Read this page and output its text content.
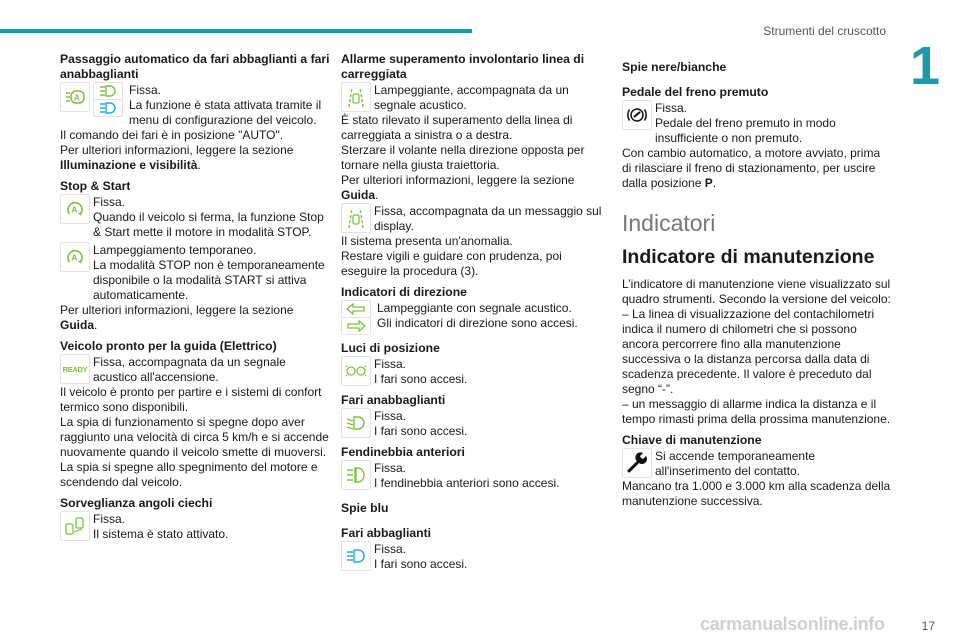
Strumenti del cruscotto
1
Passaggio automatico da fari abbaglianti a fari anabbaglianti
A

Fissa.

La funzione è stata attivata tramite il menu di configurazione del veicolo.

Il comando dei fari è in posizione "AUTO".

Per ulteriori informazioni, leggere la sezione Illuminazione e visibilità.

Stop & Start
A

Fissa.

Quando il veicolo si ferma, la funzione Stop & Start mette il motore in modalità STOP.

A

Lampeggiamento temporaneo.

La modalità STOP non è temporaneamente disponibile o la modalità START si attiva automaticamente.

Per ulteriori informazioni, leggere la sezione Guida.

Veicolo pronto per la guida (Elettrico)
READY Fissa, accompagnata da un segnale acustico all'accensione.

Il veicolo è pronto per partire e i sistemi di confort termico sono disponibili.

La spia di funzionamento si spegne dopo aver raggiunto una velocità di circa 5 km/h e si accende nuovamente quando il veicolo smette di muoversi.

La spia si spegne allo spegnimento del motore e scendendo dal veicolo.

Sorveglianza angoli ciechi

Fissa.

Il sistema è stato attivato.

Allarme superamento involontario linea di carreggiata

Lampeggiante, accompagnata da un segnale acustico.

È stato rilevato il superamento della linea di carreggiata a sinistra o a destra.

Sterzare il volante nella direzione opposta per tornare nella giusta traiettoria.

Per ulteriori informazioni, leggere la sezione Guida.

Fissa, accompagnata da un messaggio sul display.

Il sistema presenta un'anomalia.

Restare vigili e guidare con prudenza, poi eseguire la procedura (3).

Indicatori di direzione

Lampeggiante con segnale acustico.

Gli indicatori di direzione sono accesi.

Luci di posizione

Fissa.

I fari sono accesi.

Fari anabbaglianti

Fissa.

I fari sono accesi.

Fendinebbia anteriori

Fissa.

I fendinebbia anteriori sono accesi.

Spie blu
Fari abbaglianti

Fissa.

I fari sono accesi.

Spie nere/bianche
Pedale del freno premuto

Fissa.

Pedale del freno premuto in modo insufficiente o non premuto.

Con cambio automatico, a motore avviato, prima di rilasciare il freno di stazionamento, per uscire dalla posizione P.

Indicatori
Indicatore di manutenzione

L’indicatore di manutenzione viene visualizzato sul quadro strumenti. Secondo la versione del veicolo:

– La linea di visualizzazione del contachilometri indica il numero di chilometri che si possono ancora percorrere fino alla manutenzione successiva o la distanza percorsa dalla data di scadenza precedente. Il valore è preceduto dal segno “-”.

– un messaggio di allarme indica la distanza e il tempo rimasti prima della prossima manutenzione.

Chiave di manutenzione

Si accende temporaneamente all'inserimento del contatto.

Mancano tra 1.000 e 3.000 km alla scadenza della manutenzione successiva.

17
carmanualsonline.info
